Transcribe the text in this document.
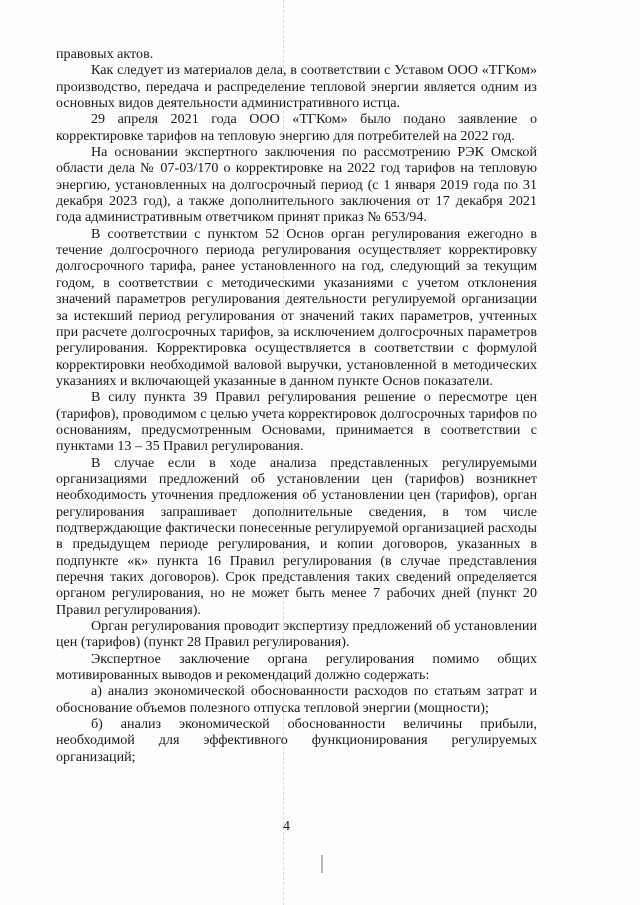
правовых актов.

Как следует из материалов дела, в соответствии с Уставом ООО «ТГКом» производство, передача и распределение тепловой энергии является одним из основных видов деятельности административного истца.

29 апреля 2021 года ООО «ТГКом» было подано заявление о корректировке тарифов на тепловую энергию для потребителей на 2022 год.

На основании экспертного заключения по рассмотрению РЭК Омской области дела № 07-03/170 о корректировке на 2022 год тарифов на тепловую энергию, установленных на долгосрочный период (с 1 января 2019 года по 31 декабря 2023 год), а также дополнительного заключения от 17 декабря 2021 года административным ответчиком принят приказ № 653/94.

В соответствии с пунктом 52 Основ орган регулирования ежегодно в течение долгосрочного периода регулирования осуществляет корректировку долгосрочного тарифа, ранее установленного на год, следующий за текущим годом, в соответствии с методическими указаниями с учетом отклонения значений параметров регулирования деятельности регулируемой организации за истекший период регулирования от значений таких параметров, учтенных при расчете долгосрочных тарифов, за исключением долгосрочных параметров регулирования. Корректировка осуществляется в соответствии с формулой корректировки необходимой валовой выручки, установленной в методических указаниях и включающей указанные в данном пункте Основ показатели.

В силу пункта 39 Правил регулирования решение о пересмотре цен (тарифов), проводимом с целью учета корректировок долгосрочных тарифов по основаниям, предусмотренным Основами, принимается в соответствии с пунктами 13 – 35 Правил регулирования.

В случае если в ходе анализа представленных регулируемыми организациями предложений об установлении цен (тарифов) возникнет необходимость уточнения предложения об установлении цен (тарифов), орган регулирования запрашивает дополнительные сведения, в том числе подтверждающие фактически понесенные регулируемой организацией расходы в предыдущем периоде регулирования, и копии договоров, указанных в подпункте «к» пункта 16 Правил регулирования (в случае представления перечня таких договоров). Срок представления таких сведений определяется органом регулирования, но не может быть менее 7 рабочих дней (пункт 20 Правил регулирования).

Орган регулирования проводит экспертизу предложений об установлении цен (тарифов) (пункт 28 Правил регулирования).

Экспертное заключение органа регулирования помимо общих мотивированных выводов и рекомендаций должно содержать:

а) анализ экономической обоснованности расходов по статьям затрат и обоснование объемов полезного отпуска тепловой энергии (мощности);

б) анализ экономической обоснованности величины прибыли, необходимой для эффективного функционирования регулируемых организаций;

4
